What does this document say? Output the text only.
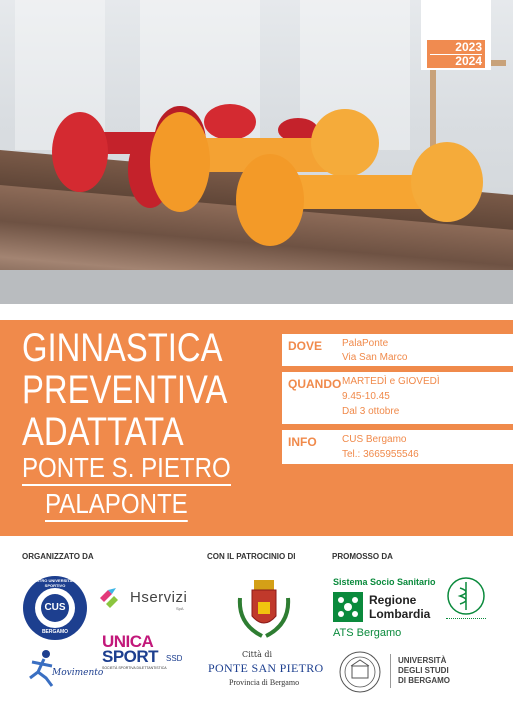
2023
2024
GINNASTICA
PREVENTIVA
ADATTATA
PONTE S. PIETRO
PALAPONTE
DOVE PalaPonte
Via San Marco
QUANDO MARTEDÌ e GIOVEDÌ
9.45-10.45
Dal 3 ottobre
INFO	CUS Bergamo
Tel.: 3665955546
ORGANIZZATO DA	CON IL PATROCINIO DI	PROMOSSO DA
CUS
CENTRO UNIVERSITARIO SPORTIVO
BERGAMO
Hservizi
SpA
UNICA
SPORT SSD
SOCIETÀ SPORTIVA DILETTANTISTICA
Movimento
Città di
PONTE SAN PIETRO
Provincia di Bergamo
Sistema Socio Sanitario
Regione
Lombardia
ATS Bergamo
UNIVERSITÀ
DEGLI STUDI
DI BERGAMO
